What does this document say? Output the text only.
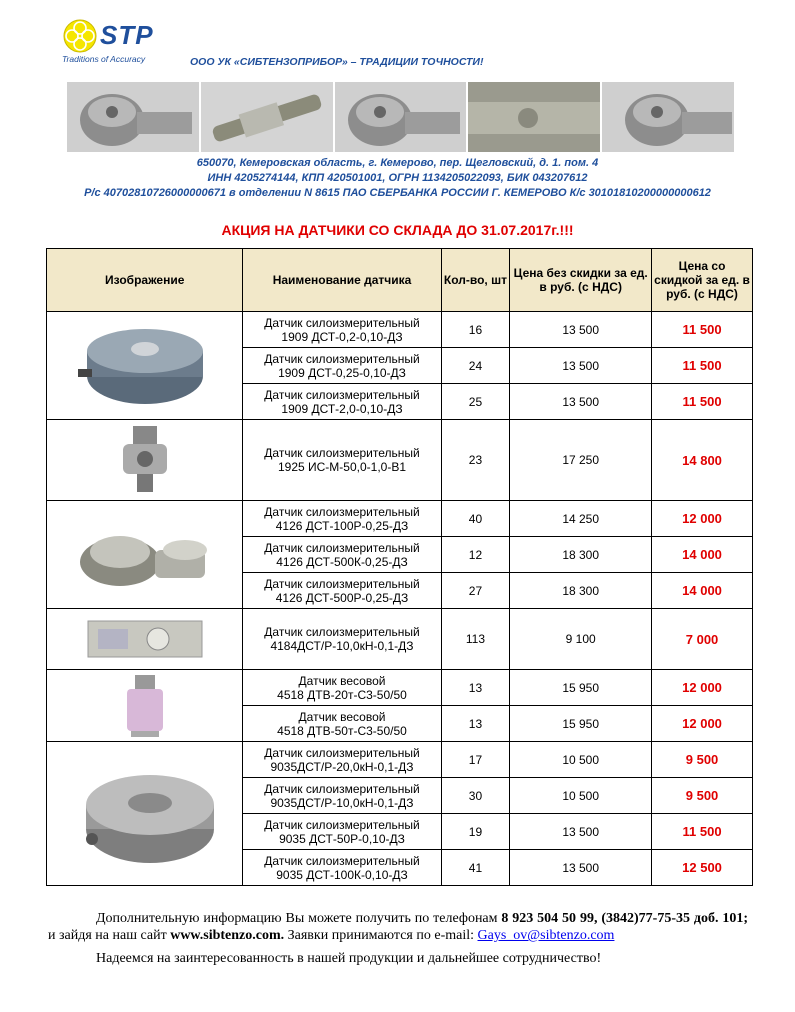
STP
Traditions of Accuracy	ООО УК «СИБТЕНЗОПРИБОР» – ТРАДИЦИИ ТОЧНОСТИ!
650070, Кемеровская область, г. Кемерово, пер. Щегловский, д. 1. пом. 4
ИНН 4205274144, КПП 420501001, ОГРН 1134205022093, БИК 043207612
Р/с 40702810726000000671 в отделении N 8615 ПАО СБЕРБАНКА РОССИИ Г. КЕМЕРОВО К/с 30101810200000000612
АКЦИЯ НА ДАТЧИКИ СО СКЛАДА ДО 31.07.2017г.!!!
Изображение	Наименование датчика	Кол-во, шт	Цена без скидки за ед. в руб. (с НДС)	Цена со скидкой за ед. в руб. (с НДС)

	Датчик силоизмерительный
1909 ДСТ-0,2-0,10-ДЗ	16	13 500	11 500
	Датчик силоизмерительный
1909 ДСТ-0,25-0,10-ДЗ	24	13 500	11 500
	Датчик силоизмерительный
1909 ДСТ-2,0-0,10-ДЗ	25	13 500	11 500

	Датчик силоизмерительный
1925 ИС-М-50,0-1,0-В1	23	17 250	14 800

	Датчик силоизмерительный
4126 ДСТ-100Р-0,25-ДЗ	40	14 250	12 000
	Датчик силоизмерительный
4126 ДСТ-500К-0,25-ДЗ	12	18 300	14 000
	Датчик силоизмерительный
4126 ДСТ-500Р-0,25-ДЗ	27	18 300	14 000

	Датчик силоизмерительный
4184ДСТ/Р-10,0кН-0,1-ДЗ	113	9 100	7 000

	Датчик весовой
4518 ДТВ-20т-С3-50/50	13	15 950	12 000
	Датчик весовой
4518 ДТВ-50т-С3-50/50	13	15 950	12 000

	Датчик силоизмерительный
9035ДСТ/Р-20,0кН-0,1-ДЗ	17	10 500	9 500
	Датчик силоизмерительный
9035ДСТ/Р-10,0кН-0,1-ДЗ	30	10 500	9 500
	Датчик силоизмерительный
9035 ДСТ-50Р-0,10-ДЗ	19	13 500	11 500
	Датчик силоизмерительный
9035 ДСТ-100К-0,10-ДЗ	41	13 500	12 500

Дополнительную информацию Вы можете получить по телефонам 8 923 504 50 99, (3842)77-75-35 доб. 101; и зайдя на наш сайт www.sibtenzo.com. Заявки принимаются по e-mail: Gays_ov@sibtenzo.com

Надеемся на заинтересованность в нашей продукции и дальнейшее сотрудничество!
